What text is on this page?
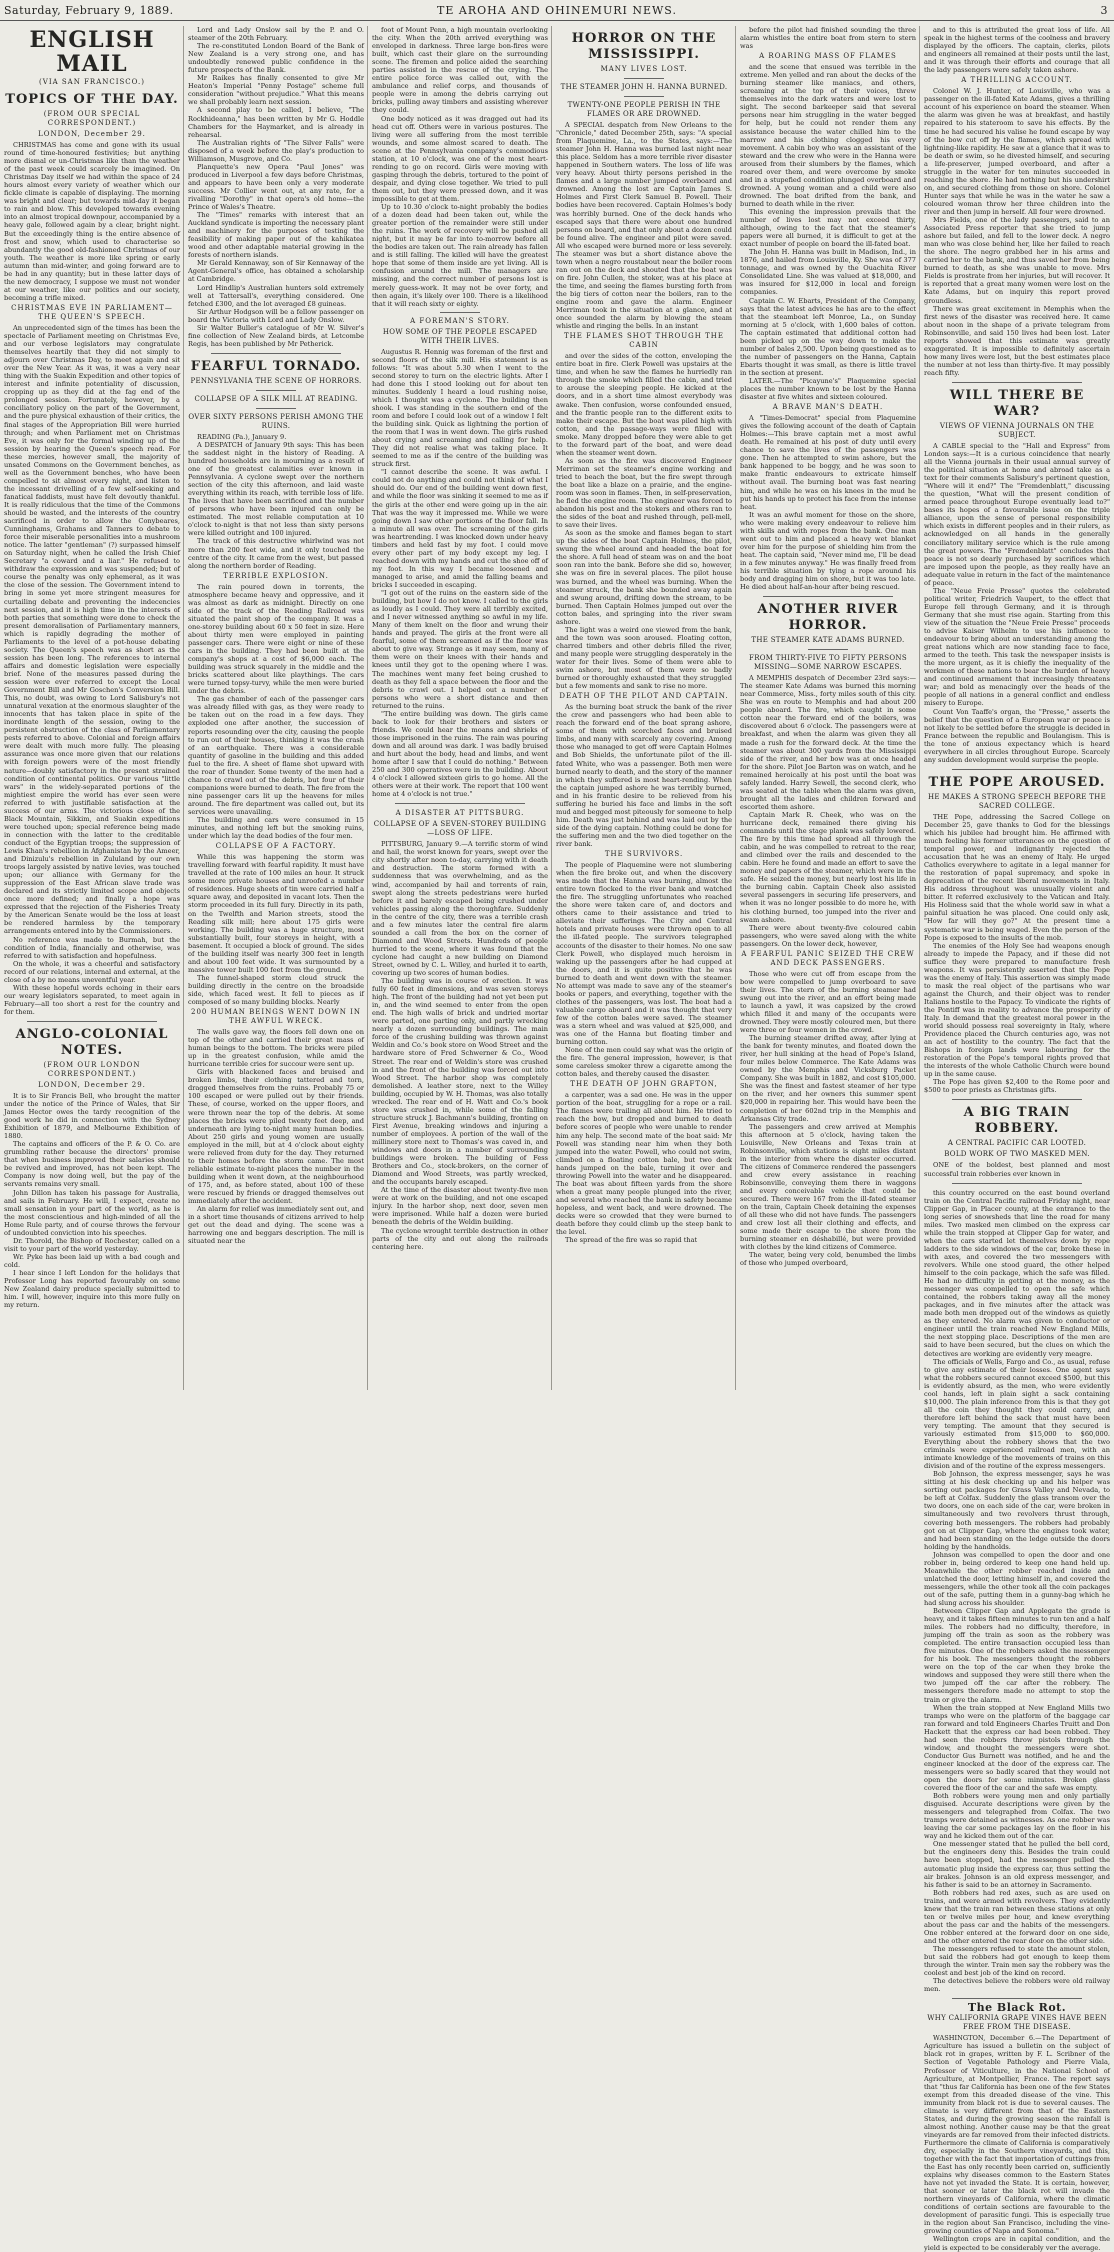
Saturday, February 9, 1889.	TE AROHA AND OHINEMURI NEWS.	3
ENGLISH MAIL
(VIA SAN FRANCISCO.)
TOPICS OF THE DAY.
(FROM OUR SPECIAL CORRESPONDENT.)
LONDON, December 29.

CHRISTMAS has come and gone with its usual round of time-honoured festivities; but anything more dismal or un-Christmas like than the weather of the past week could scarcely be imagined. On Christmas Day itself we had within the space of 24 hours almost every variety of weather which our fickle climate is capable of displaying. The morning was bright and clear; but towards mid-day it began to rain and blow. This developed towards evening into an almost tropical downpour, accompanied by a heavy gale, followed again by a clear, bright night. But the exceedingly thing is the entire absence of frost and snow, which used to characterise so abundantly the good old-fashioned Christmas of our youth. The weather is more like spring or early autumn than mid-winter, and going forward are to be had in any quantity; but in these latter days of the new democracy, I suppose we must not wonder at our weather, like our politics and our society, becoming a trifle mixed.

CHRISTMAS EVE IN PARLIAMENT— THE QUEEN'S SPEECH.

An unprecedented sign of the times has been the spectacle of Parliament meeting on Christmas Eve, and our verbose legislators may congratulate themselves heartily that they did not simply to adjourn over Christmas Day, to meet again and sit over the New Year. As it was, it was a very near thing with the Suakin Expedition and other topics of interest and infinite potentiality of discussion, cropping up as they did at the fag end of the prolonged session. Fortunately, however, by a conciliatory policy on the part of the Government, and the pure physical exhaustion of their critics, the final stages of the Appropriation Bill were hurried through; and when Parliament met on Christmas Eve, it was only for the formal winding up of the session by hearing the Queen's speech read. For these mercies, however small, the majority of unsated Commons on the Government benches, as well as the Government benches, who have been compelled to sit almost every night, and listen to the incessant drivelling of a few self-seeking and fanatical faddists, must have felt devoutly thankful. It is really ridiculous that the time of the Commons should be wasted, and the interests of the country sacrificed in order to allow the Conybeares, Cunninghams, Grahams and Tanners to debate to force their miserable personalities into a mushroom notice. The latter "gentleman" (?) surpassed himself on Saturday night, when he called the Irish Chief Secretary "a coward and a liar." He refused to withdraw the expression and was suspended; but of course the penalty was only ephemeral, as it was the close of the session. The Government intend to bring in some yet more stringent measures for curtailing debate and preventing the indecencies next session, and it is high time in the interests of both parties that something were done to check the present demoralisation of Parliamentary manners, which is rapidly degrading the mother of Parliaments to the level of a pot-house debating society. The Queen's speech was as short as the session has been long. The references to internal affairs and domestic legislation were especially brief. None of the measures passed during the session were ever referred to except the Local Government Bill and Mr Goschen's Conversion Bill. This, no doubt, was owing to Lord Salisbury's not unnatural vexation at the enormous slaughter of the innocents that has taken place in spite of the inordinate length of the session, owing to the persistent obstruction of the class of Parliamentary pests referred to above. Colonial and foreign affairs were dealt with much more fully. The pleasing assurance was once more given that our relations with foreign powers were of the most friendly nature—doubly satisfactory in the present strained condition of continental politics. Our various "little wars" in the widely-separated portions of the mightiest empire the world has ever seen were referred to with justifiable satisfaction at the success of our arms. The victorious close of the Black Mountain, Sikkim, and Suakin expeditions were touched upon; special reference being made in connection with the latter to the creditable conduct of the Egyptian troops; the suppression of Lewis Khan's rebellion in Afghanistan by the Ameer, and Dinizulu's rebellion in Zululand by our own troops largely assisted by native levies, was touched upon; our alliance with Germany for the suppression of the East African slave trade was declared and its strictly limited scope and objects once more defined; and finally a hope was expressed that the rejection of the Fisheries Treaty by the American Senate would be the loss at least be rendered harmless by the temporary arrangements entered into by the Commissioners.

No reference was made to Burmah, but the condition of India, financially and otherwise, was referred to with satisfaction and hopefulness.

On the whole, it was a cheerful and satisfactory record of our relations, internal and external, at the close of a by no means uneventful year.

With these hopeful words echoing in their ears our weary legislators separated, to meet again in February—all too short a rest for the country and for them.

ANGLO-COLONIAL NOTES.
(FROM OUR LONDON CORRESPONDENT.)
LONDON, December 29.

It is to Sir Francis Bell, who brought the matter under the notice of the Prince of Wales, that Sir James Hector owes the tardy recognition of the good work he did in connection with the Sydney Exhibition of 1879, and Melbourne Exhibition of 1880.

The captains and officers of the P. & O. Co. are grumbling rather because the directors' promise that when business improved their salaries should be revived and improved, has not been kept. The Company is now doing well, but the pay of the servants remains very small.

John Dillon has taken his passage for Australia, and sails in February. He will, I expect, create no small sensation in your part of the world, as he is the most conscientious and high-minded of all the Home Rule party, and of course throws the fervour of undoubted conviction into his speeches.

Dr. Thorold, the Bishop of Rochester, called on a visit to your part of the world yesterday.

Wr. Pyke has been laid up with a bad cough and cold.

I hear since I left London for the holidays that Professor Long has reported favourably on some New Zealand dairy produce specially submitted to him. I will, however, inquire into this more fully on my return.

Lord and Lady Onslow sail by the P. and O. steamer of the 20th February.

The re-constituted London Board of the Bank of New Zealand is a very strong one, and has undoubtedly renewed public confidence in the future prospects of the Bank.

Mr Raikes has finally consented to give Mr Heaton's Imperial "Penny Postage" scheme full consideration "without prejudice." What this means we shall probably learn next session.

A second play to be called, I believe, "The Rockhideanna," has been written by Mr G. Hoddle Chambers for the Haymarket, and is already in rehearsal.

The Australian rights of "The Silver Falls" were disposed of a week before the play's production to Williamson, Musgrove, and Co.

Planquette's new Opera "Paul Jones" was produced in Liverpool a few days before Christmas, and appears to have been only a very moderate success. Mr Collier went out, at any rate, for a rivalling "Dorothy" in that opera's old home—the Prince of Wales's Theatre.

The "Times" remarks with interest that an Auckland syndicate is importing the necessary plant and machinery for the purposes of testing the feasibility of making paper out of the kahikatea wood and other adaptable material growing in the forests of northern islands.

Mr Gerald Kennaway, son of Sir Kennaway of the Agent-General's office, has obtained a scholarship at Cambridge.

Lord Hindlip's Australian hunters sold extremely well at Tattersall's, everything considered. One fetched £300, and the lot averaged £8 guineas.

Sir Arthur Hodgson will be a fellow passenger on board the Victoria with Lord and Lady Onslow.

Sir Walter Buller's catalogue of Mr W. Silver's fine collection of New Zealand birds, at Letcombe Regis, has been published by Mr Petherick.

FEARFUL TORNADO.
PENNSYLVANIA THE SCENE OF HORRORS.
COLLAPSE OF A SILK MILL AT READING.
OVER SIXTY PERSONS PERISH AMONG THE RUINS.

READING (Pa.), January 9.

A DESPATCH of January 9th says: This has been the saddest night in the history of Reading. A hundred households are in mourning as a result of one of the greatest calamities ever known in Pennsylvania. A cyclone swept over the northern section of the city this afternoon, and laid waste everything within its reach, with terrible loss of life. The lives that have been sacrificed and the number of persons who have been injured can only be estimated. The most reliable computation at 10 o'clock to-night is that not less than sixty persons were killed outright and 100 injured.

The track of this destructive whirlwind was not more than 200 feet wide, and it only touched the centre of the city. It came from the west, but passed along the northern border of Reading.

TERRIBLE EXPLOSION.

The rain poured down in torrents, the atmosphere became heavy and oppressive, and it was almost as dark as midnight. Directly on one side of the track of the Reading Railroad was situated the paint shop of the company. It was a one-storey building about 60 x 50 feet in size. Here about thirty men were employed in painting passenger cars. There were eight or nine of these cars in the building. They had been built at the company's shops at a cost of $6,000 each. The building was struck squarely in the middle and the bricks scattered about like playthings. The cars were turned topsy-turvy, while the men were buried under the debris.

The gas chamber of each of the passenger cars was already filled with gas, as they were ready to be taken out on the road in a few days. They exploded one after another, the succession of reports resounding over the city, causing the people to run out of their houses, thinking it was the crash of an earthquake. There was a considerable quantity of gasoline in the building and this added fuel to the fire. A sheet of flame shot upward with the roar of thunder. Some twenty of the men had a chance to crawl out of the debris, but four of their companions were burned to death. The fire from the nine passenger cars lit up the heavens for miles around. The fire department was called out, but its services were unavailing.

The building and cars were consumed in 15 minutes, and nothing left but the smoking ruins, under which lay the dead bodies of the four men.

COLLAPSE OF A FACTORY.

While this was happening the storm was travelling forward with fearful rapidity. It must have travelled at the rate of 100 miles an hour. It struck some more private houses and unroofed a number of residences. Huge sheets of tin were carried half a square away, and deposited in vacant lots. Then the storm proceeded in its full fury. Directly in its path, on the Twelfth and Marion streets, stood the Reading silk mill; here about 175 girls were working. The building was a huge structure, most substantially built, four storeys in height, with a basement. It occupied a block of ground. The sides of the building itself was nearly 300 feet in length and about 100 feet wide. It was surmounted by a massive tower built 100 feet from the ground.

The funnel-shaped storm cloud struck the building directly in the centre on the broadside side, which faced west. It fell to pieces as if composed of so many building blocks. Nearly

200 HUMAN BEINGS WENT DOWN IN THE AWFUL WRECK.

The walls gave way, the floors fell down one on top of the other and carried their great mass of human beings to the bottom. The bricks were piled up in the greatest confusion, while amid the hurricane terrible cries for succour were sent up.

Girls with blackened faces and bruised and broken limbs, their clothing tattered and torn, dragged themselves from the ruins. Probably 75 or 100 escaped or were pulled out by their friends. These, of course, worked on the upper floors, and were thrown near the top of the debris. At some places the bricks were piled twenty feet deep, and underneath are lying to-night many human bodies. About 250 girls and young women are usually employed in the mill, but at 4 o'clock about eighty were relieved from duty for the day. They returned to their homes before the storm came. The most reliable estimate to-night places the number in the building when it went down, at the neighbourhood of 175, and, as before stated, about 100 of these were rescued by friends or dragged themselves out immediately after the accident.

An alarm for relief was immediately sent out, and in a short time thousands of citizens arrived to help get out the dead and dying. The scene was a harrowing one and beggars description. The mill is situated near the

foot of Mount Penn, a high mountain overlooking the city. When the 20th arrived everything was enveloped in darkness. Three large bon-fires were built, which cast their glare on the surrounding scene. The firemen and police aided the searching parties assisted in the rescue of the crying. The entire police force was called out, with the ambulance and relief corps, and thousands of people were in among the debris carrying out bricks, pulling away timbers and assisting wherever they could.

One body noticed as it was dragged out had its head cut off. Others were in various postures. The living were all suffering from the most terrible wounds, and some almost scared to death. The scene at the Pennsylvania company's commodious station, at 10 o'clock, was one of the most heart-rending to go on record. Girls were moving with gasping through the debris, tortured to the point of despair, and dying close together. We tried to pull them out, but they were pressed down, and it was impossible to get at them.

Up to 10.30 o'clock to-night probably the bodies of a dozen dead had been taken out, while the greater portion of the remainder were still under the ruins. The work of recovery will be pushed all night, but it may be far into to-morrow before all the bodies are taken out. The rain already has fallen and is still falling. The killed will have the greatest hope that some of them inside are yet living. All is confusion around the mill. The managers are missing, and the correct number of persons lost is merely guess-work. It may not be over forty, and then again, it's likely over 100. There is a likelihood that it will reach sixty or eighty.

A FOREMAN'S STORY.
HOW SOME OF THE PEOPLE ESCAPED WITH THEIR LIVES.

Augustus R. Hennig was foreman of the first and second floors of the silk mill. His statement is as follows: "It was about 5.30 when I went to the second storey to turn on the electric lights. After I had done this I stood looking out for about ten minutes. Suddenly I heard a loud rushing noise, which I thought was a cyclone. The building then shook. I was standing in the southern end of the room and before I could look out of a window I felt the building sink. Quick as lightning the portion of the room that I was in went down. The girls rushed about crying and screaming and calling for help. They did not realise what was taking place. It seemed to me as if the centre of the building was struck first.

"I cannot describe the scene. It was awful. I could not do anything and could not think of what I should do. Our end of the building went down first, and while the floor was sinking it seemed to me as if the girls at the other end were going up in the air. That was the way it impressed me. While we were going down I saw other portions of the floor fall. In a minute all was over. The screaming of the girls was heartrending. I was knocked down under heavy timbers and held fast by my foot. I could move every other part of my body except my leg. I reached down with my hands and cut the shoe off of my foot. In this way I became loosened and managed to arise, and amid the falling beams and bricks I succeeded in escaping.

"I got out of the ruins on the eastern side of the building, but how I do not know. I called to the girls as loudly as I could. They were all terribly excited, and I never witnessed anything so awful in my life. Many of them knelt on the floor and wrung their hands and prayed. The girls at the front were all fearful, some of them screamed as if the floor was about to give way. Strange as it may seem, many of them were on their knees with their hands and knees until they got to the opening where I was. The machines went many feet being crushed to death as they fell a space between the floor and the debris to crawl out. I helped out a number of persons who were a short distance and then returned to the ruins.

"The entire building was down. The girls came back to look for their brothers and sisters or friends. We could hear the moans and shrieks of those imprisoned in the ruins. The rain was pouring down and all around was dark. I was badly bruised and hurt about the body, head and limbs, and went home after I saw that I could do nothing." Between 250 and 300 operatives were in the building. About 4 o'clock I allowed sixteen girls to go home. All the others were at their work. The report that 100 went home at 4 o'clock is not true."

A DISASTER AT PITTSBURG.
COLLAPSE OF A SEVEN-STOREY BUILDING—LOSS OF LIFE.

PITTSBURG, January 9.—A terrific storm of wind and hail, the worst known for years, swept over the city shortly after noon to-day, carrying with it death and destruction. The storm formed with a suddenness that was overwhelming, and as the wind, accompanied by hail and torrents of rain, swept along the streets pedestrians were hurled before it and barely escaped being crushed under vehicles passing along the thoroughfare. Suddenly in the centre of the city, there was a terrible crash and a few minutes later the central fire alarm sounded a call from the box on the corner of Diamond and Wood Streets. Hundreds of people hurried to the scene, where it was found that the cyclone had caught a new building on Diamond Street, owned by C. L. Willey, and hurled it to earth, covering up two scores of human bodies.

The building was in course of erection. It was fully 60 feet in dimensions, and was seven storeys high. The front of the building had not yet been put in, and the wind seemed to enter from the open end. The high walls of brick and undried mortar were parted, one parting only, and partly wrecking nearly a dozen surrounding buildings. The main force of the crushing building was thrown against Weldin and Co.'s book store on Wood Street and the hardware store of Fred Schwerner & Co., Wood Street. The rear end of Weldin's store was crushed in and the front of the building was forced out into Wood Street. The harbor shop was completely demolished. A leather store, next to the Willey building, occupied by W. H. Thomas, was also totally wrecked. The rear end of H. Watt and Co.'s book store was crushed in, while some of the falling structure struck J. Bachmann's building, fronting on First Avenue, breaking windows and injuring a number of employees. A portion of the wall of the millinery store next to Thomas's was caved in, and windows and doors in a number of surrounding buildings were broken. The building of Fess Brothers and Co., stock-brokers, on the corner of Diamond and Wood Streets, was partly wrecked, and the occupants barely escaped.

At the time of the disaster about twenty-five men were at work on the building, and not one escaped injury. In the harbor shop, next door, seven men were imprisoned. While half a dozen were buried beneath the debris of the Weldin building.

The cyclone wrought terrible destruction in other parts of the city and out along the railroads centering here.

HORROR ON THE MISSISSIPPI.
MANY LIVES LOST.
THE STEAMER JOHN H. HANNA BURNED.
TWENTY-ONE PEOPLE PERISH IN THE FLAMES OR ARE DROWNED.

A SPECIAL despatch from New Orleans to the "Chronicle," dated December 25th, says: "A special from Plaquemine, La., to the States, says:—The steamer John H. Hanna was burned last night near this place. Seldom has a more terrible river disaster happened in Southern waters. The loss of life was very heavy. About thirty persons perished in the flames and a large number jumped overboard and drowned. Among the lost are Captain James S. Holmes and First Clerk Samuel B. Powell. Their bodies have been recovered. Captain Holmes's body was horribly burned. One of the deck hands who escaped says that there were about one hundred persons on board, and that only about a dozen could be found alive. The engineer and pilot were saved. All who escaped were burned more or less severely. The steamer was but a short distance above the town when a negro roustabout near the boiler room ran out on the deck and shouted that the boat was on fire. John Cullen, the stoker, was at his place at the time, and seeing the flames bursting forth from the big tiers of cotton near the boilers, ran to the engine room and gave the alarm. Engineer Merriman took in the situation at a glance, and at once sounded the alarm by blowing the steam whistle and ringing the bells. In an instant

THE FLAMES SHOT THROUGH THE CABIN

and over the sides of the cotton, enveloping the entire boat in fire. Clerk Powell was upstairs at the time, and when he saw the flames he hurriedly ran through the smoke which filled the cabin, and tried to arouse the sleeping people. He kicked at the doors, and in a short time almost everybody was awake. Then confusion, worse confounded ensued, and the frantic people ran to the different exits to make their escape. But the boat was piled high with cotton, and the passage-ways were filled with smoke. Many dropped before they were able to get to the forward part of the boat, and were dead when the steamer went down.

As soon as the fire was discovered Engineer Merriman set the steamer's engine working and tried to beach the boat, but the fire swept through the boat like a blaze on a prairie, and the engine-room was soon in flames. Then, in self-preservation, he fled the engine room. The engineer was forced to abandon his post and the stokers and others ran to the sides of the boat and rushed through, pell-mell, to save their lives.

As soon as the smoke and flames began to start up the sides of the boat Captain Holmes, the pilot, swung the wheel around and headed the boat for the shore. A full head of steam was on and the boat soon ran into the bank. Before she did so, however, she was on fire in several places. The pilot house was burned, and the wheel was burning. When the steamer struck, the bank she bounded away again and swung around, drifting down the stream, to be burned. Then Captain Holmes jumped out over the cotton bales, and springing into the river swam ashore.

The light was a weird one viewed from the bank, and the town was soon aroused. Floating cotton, charred timbers and other debris filled the river, and many people were struggling desperately in the water for their lives. Some of them were able to swim ashore, but most of them were so badly burned or thoroughly exhausted that they struggled but a few moments and sank to rise no more.

DEATH OF THE PILOT AND CAPTAIN.

As the burning boat struck the bank of the river the crew and passengers who had been able to reach the forward end of the boat sprang ashore, some of them with scorched faces and bruised limbs, and many with scarcely any covering. Among those who managed to get off were Captain Holmes and Bob Shields, the unfortunate pilot of the ill-fated White, who was a passenger. Both men were burned nearly to death, and the story of the manner in which they suffered is most heart-rending. When the captain jumped ashore he was terribly burned, and in his frantic desire to be relieved from his suffering he buried his face and limbs in the soft mud and begged most piteously for someone to help him. Death was just behind and was laid out by the side of the dying captain. Nothing could be done for the suffering men and the two died together on the river bank.

THE SURVIVORS.

The people of Plaquemine were not slumbering when the fire broke out, and when the discovery was made that the Hanna was burning, almost the entire town flocked to the river bank and watched the fire. The struggling unfortunates who reached the shore were taken care of, and doctors and others came to their assistance and tried to alleviate their sufferings. The City and Central hotels and private houses were thrown open to all the ill-fated people. The survivors telegraphed accounts of the disaster to their homes. No one saw Clerk Powell, who displayed much heroism in waking up the passengers after he had cupped at the doors, and it is quite positive that he was burned to death and went down with the steamer. No attempt was made to save any of the steamer's books or papers, and everything, together with the clothes of the passengers, was lost. The boat had a valuable cargo aboard and it was thought that very few of the cotton bales were saved. The steamer was a stern wheel and was valued at $25,000, and was one of the Hanna but floating timber and burning cotton.

None of the men could say what was the origin of the fire. The general impression, however, is that some careless smoker threw a cigarette among the cotton bales, and thereby caused the disaster.

THE DEATH OF JOHN GRAFTON,

a carpenter, was a sad one. He was in the upper portion of the boat, struggling for a rope or a rail. The flames were trailing all about him. He tried to reach the bow, but dropped and burned to death before scores of people who were unable to render him any help. The second mate of the boat said: Mr Powell was standing near him when they both jumped into the water. Powell, who could not swim, climbed on a floating cotton bale, but two deck hands jumped on the bale, turning it over and throwing Powell into the water and he disappeared. The boat was about fifteen yards from the shore when a great many people plunged into the river, and several who reached the bank in safety became hopeless, and went back, and were drowned. The decks were so crowded that they were burned to death before they could climb up the steep bank to the level.

The spread of the fire was so rapid that

before the pilot had finished sounding the three alarm whistles the entire boat from stern to stern was

A ROARING MASS OF FLAMES

and the scene that ensued was terrible in the extreme. Men yelled and ran about the decks of the burning steamer like maniacs, and others, screaming at the top of their voices, threw themselves into the dark waters and were lost to sight. The second barkeeper said that several persons near him struggling in the water begged for help, but he could not render them any assistance because the water chilled him to the marrow and his clothing clogged his every movement. A cabin boy who was an assistant of the steward and the crew who were in the Hanna were aroused from their slumbers by the flames, which roared over them, and were overcome by smoke and in a stupefied condition plunged overboard and drowned. A young woman and a child were also drowned. The boat drifted from the bank, and burned to death while in the river.

This evening the impression prevails that the number of lives lost may not exceed thirty, although, owing to the fact that the steamer's papers were all burned, it is difficult to get at the exact number of people on board the ill-fated boat.

The John H. Hanna was built in Madison, Ind., in 1876, and hailed from Louisville, Ky. She was of 377 tonnage, and was owned by the Ouachita River Consolidated Line. She was valued at $18,000, and was insured for $12,000 in local and foreign companies.

Captain C. W. Ebarts, President of the Company, says that the latest advices he has are to the effect that the steamboat left Monroe, La., on Sunday morning at 5 o'clock, with 1,600 bales of cotton. The captain estimated that additional cotton had been picked up on the way down to make the number of bales 2,500. Upon being questioned as to the number of passengers on the Hanna, Captain Ebarts thought it was small, as there is little travel in the section at present.

LATER.—The "Picayune's" Plaquemine special places the number known to be lost by the Hanna disaster at five whites and sixteen coloured.

A BRAVE MAN'S DEATH.

A "Times-Democrat" special from Plaquemine gives the following account of the death of Captain Holmes:—This brave captain met a most awful death. He remained at his post of duty until every chance to save the lives of the passengers was gone. Then he attempted to swim ashore, but the bank happened to be boggy, and he was soon to make frantic endeavours to extricate himself without avail. The burning boat was fast nearing him, and while he was on his knees in the mud he put his hands up to protect his face from the intense heat.

It was an awful moment for those on the shore, who were making every endeavour to relieve him with skills and with ropes from the bank. One man went out to him and placed a heavy wet blanket over him for the purpose of shielding him from the heat. The captain said, "Never mind me, I'll be dead in a few minutes anyway." He was finally freed from his terrible situation by tying a rope around his body and dragging him on shore, but it was too late. He died about half-an-hour after being rescued.

ANOTHER RIVER HORROR.
THE STEAMER KATE ADAMS BURNED.
FROM THIRTY-FIVE TO FIFTY PERSONS MISSING—SOME NARROW ESCAPES.

A MEMPHIS despatch of December 23rd says:—The steamer Kate Adams was burned this morning near Commerce, Miss., forty miles south of this city. She was en route to Memphis and had about 200 people aboard. The fire, which caught in some cotton near the forward end of the boilers, was discovered about 6 o'clock. The passengers were at breakfast, and when the alarm was given they all made a rush for the forward deck. At the time the steamer was about 300 yards from the Mississippi side of the river, and her bow was at once headed for the shore. Pilot Joe Barton was on watch, and he remained heroically at his post until the boat was safely landed. Harry Sewell, the second clerk, who was seated at the table when the alarm was given, brought all the ladies and children forward and escorted them ashore.

Captain Mark R. Cheek, who was on the hurricane deck, remained there giving his commands until the stage plank was safely lowered. The fire by this time had spread all through the cabin, and he was compelled to retreat to the rear, and climbed over the rails and descended to the cabin. Here he found and made an effort to save the money and papers of the steamer, which were in the safe. He seized the money, but nearly lost his life in the burning cabin. Captain Cheek also assisted several passengers in securing life preservers, and when it was no longer possible to do more he, with his clothing burned, too jumped into the river and swam ashore.

There were about twenty-five coloured cabin passengers, who were saved along with the white passengers. On the lower deck, however,

A FEARFUL PANIC SEIZED THE CREW AND DECK PASSENGERS.

Those who were cut off from escape from the bow were compelled to jump overboard to save their lives. The stern of the burning steamer had swung out into the river, and an effort being made to launch a yawl, it was capsized by the crowd which filled it and many of the occupants were drowned. They were mostly coloured men, but there were three or four women in the crowd.

The burning steamer drifted away, after lying at the bank for twenty minutes, and floated down the river, her hull sinking at the head of Pope's Island, four miles below Commerce. The Kate Adams was owned by the Memphis and Vicksburg Packet Company. She was built in 1882, and cost $105,000. She was the finest and fastest steamer of her type on the river, and her owners this summer spent $20,000 in repairing her. This would have been the completion of her 602nd trip in the Memphis and Arkansas City trade.

The passengers and crew arrived at Memphis this afternoon at 5 o'clock, having taken the Louisville, New Orleans and Texas train at Robinsonville, which stations is eight miles distant in the interior from where the disaster occurred. The citizens of Commerce rendered the passengers and crew every assistance in reaching Robinsonville, conveying them there in waggons and every conceivable vehicle that could be secured. There were 167 from the ill-fated steamer on the train, Captain Cheek detaining the expenses of all these who did not have funds. The passengers and crew lost all their clothing and effects, and some made their escape to the shore from the burning steamer en déshabillé, but were provided with clothes by the kind citizens of Commerce.

The water, being very cold, benumbed the limbs of those who jumped overboard,

and to this is attributed the great loss of life. All speak in the highest terms of the coolness and bravery displayed by the officers. The captain, clerks, pilots and engineers all remained at their posts until the last, and it was through their efforts and courage that all the lady passengers were safely taken ashore.

A THRILLING ACCOUNT.

Colonel W. J. Hunter, of Louisville, who was a passenger on the ill-fated Kate Adams, gives a thrilling account of his experience on board the steamer. When the alarm was given he was at breakfast, and hastily repaired to his stateroom to save his effects. By the time he had secured his valise he found escape by way of the bow cut off by the flames, which spread with lightning-like rapidity. He saw at a glance that it was to be death or swim, so he divested himself, and securing a life-preserver, jumped overboard, and after a struggle in the water for ten minutes succeeded in reaching the shore. He had nothing but his undershirt on, and secured clothing from those on shore. Colonel Hunter says that while he was in the water he saw a coloured woman throw her three children into the river and then jump in herself. All four were drowned.

Mrs Fields, one of the lady passengers, said to an Associated Press reporter that she tried to jump ashore but failed, and fell to the lower deck. A negro man who was close behind her, like her failed to reach the shore. The negro grabbed her in his arms and carried her to the bank, and thus saved her from being burned to death, as she was unable to move. Mrs Fields is prostrate from her injuries, but will recover. It is reported that a great many women were lost on the Kate Adams, but on inquiry this report proved groundless.

There was great excitement in Memphis when the first news of the disaster was received here. It came about noon in the shape of a private telegram from Robinsonville, and said 150 lives had been lost. Later reports showed that this estimate was greatly exaggerated. It is impossible to definitely ascertain how many lives were lost, but the best estimates place the number at not less than thirty-five. It may possibly reach fifty.

WILL THERE BE WAR?
VIEWS OF VIENNA JOURNALS ON THE SUBJECT.

A CABLE special to the "Hall and Express" from London says:—It is a curious coincidence that nearly all the Vienna journals in their usual annual survey of the political situation at home and abroad take as a text for their comments Salisbury's pertinent question, "Where will it end?" The "Fremdenblatt," discussing the question, "What will the present condition of armed peace throughout Europe eventually lead to?" bases its hopes of a favourable issue on the triple alliance, upon the sense of personal responsibility which exists in different peoples and in their rulers, as acknowledged on all hands in the generally conciliatory military service which is the rule among the great powers. The "Fremdenblatt" concludes that peace is not so dearly purchased by sacrifices which are imposed upon the people, as they really have an adequate value in return in the fact of the maintenance of peace.

The "Neue Freie Presse" quotes the celebrated political writer, Friedrich Vaupert, to the effect that Europe fell through Germany, and it is through Germany that she must rise again. Starting from this view of the situation the "Neue Freie Presse" proceeds to advise Kaiser Wilhelm to use his influence to endeavour to bring about an understanding among the great nations which are now standing face to face, armed to the teeth. This task the newspaper insists is the more urgent, as it is chiefly the inequality of the workmen of these nations to bear the burden of heavy and continued armament that increasingly threatens war; and bold as menacingly over the heads of the people of all nations in a general conflict and endless misery to Europe.

Count Von Taaffe's organ, the "Presse," asserts the belief that the question of a European war or peace is not likely to be settled before the struggle is decided in France between the republic and Boulangism. This is the tone of anxious expectancy which is heard everywhere in all circles throughout Europe. Scarcely any sudden development would surprise the people.

THE POPE AROUSED.
HE MAKES A STRONG SPEECH BEFORE THE SACRED COLLEGE.

THE Pope, addressing the Sacred College on December 25, gave thanks to God for the blessings which his jubilee had brought him. He affirmed with much feeling his former utterances on the question of temporal power, and indignantly rejected the accusation that he was an enemy of Italy. He urged Catholics everywhere to agitate in a legal manner for the restoration of papal supremacy, and spoke in deprecation of the recent liberal movements in Italy. His address throughout was unusually violent and bitter. It referred exclusively to the Vatican and Italy. His Holiness said that the whole world saw in what a painful situation he was placed. One could only ask, "How far will they go?" At the present time a systematic war is being waged. Even the person of the Pope is exposed to the insults of the mob.

The enemies of the Holy See had weapons enough already to impede the Papacy, and if these did not suffice they were prepared to manufacture fresh weapons. It was persistently asserted that the Pope was the enemy of Italy. This assertion was simply made to mask the real object of the partisans who war against the Church, and their object was to render Italians hostile to the Papacy. To vindicate the rights of the Pontiff was in reality to advance the prosperity of Italy. In demand that the greatest moral power in the world should possess real sovereignty in Italy, where Providence placed the Church centuries ago, was not an act of hostility to the country. The fact that the Bishops in foreign lands were labouring for the restoration of the Pope's temporal rights proved that the interests of the whole Catholic Church were bound up in the same cause.

The Pope has given $2,400 to the Rome poor and $500 to poor priests as Christmas gifts.

A BIG TRAIN ROBBERY.
A CENTRAL PACIFIC CAR LOOTED.
BOLD WORK OF TWO MASKED MEN.

ONE of the boldest, best planned and most successful train robberies ever known in

this country occurred on the east bound overland train on the Central Pacific railroad Friday night, near Clipper Gap, in Placer county, at the entrance to the long series of snowsheds that line the road for many miles. Two masked men climbed on the express car while the train stopped at Clipper Gap for water, and when the cars started let themselves down by rope ladders to the side windows of the car, broke these in with axes, and covered the two messengers with revolvers. While one stood guard, the other helped himself to the coin package, which the safe was filled. He had no difficulty in getting at the money, as the messenger was compelled to open the safe which contained, the robbers taking away all the money packages, and in five minutes after the attack was made both men dropped out of the windows as quietly as they entered. No alarm was given to conductor or engineer until the train reached New England Mills, the next stopping place. Descriptions of the men are said to have been secured, but the clues on which the detectives are working are evidently very meagre.

The officials of Wells, Fargo and Co., as usual, refuse to give any estimate of their losses. One agent says what the robbers secured cannot exceed $500, but this is evidently absurd, as the men, who were evidently cool hands, left in plain sight a sack containing $10,000. The plain inference from this is that they got all the coin they thought they could carry, and therefore left behind the sack that must have been very tempting. The amount that they secured is variously estimated from $15,000 to $60,000. Everything about the robbery shows that the two criminals were experienced railroad men, with an intimate knowledge of the movements of trains on this division and of the routine of the express messengers.

Bob Johnson, the express messenger, says he was sitting at his desk checking up and his helper was sorting out packages for Grass Valley and Nevada, to be left at Colfax. Suddenly the glass transom over the two doors, one on each side of the car, were broken in simultaneously and two revolvers thrust through, covering both messengers. The robbers had probably got on at Clipper Gap, where the engines took water, and had been standing on the ledge outside the doors holding by the handholds.

Johnson was compelled to open the door and one robber in, being ordered to keep one hand held up. Meanwhile the other robber reached inside and unlatched the door, letting himself in, and covered the messengers, while the other took all the coin packages out of the safe, putting them in a gunny-bag which he had slung across his shoulder.

Between Clipper Gap and Applegate the grade is heavy, and it takes fifteen minutes to run ten and a half miles. The robbers had no difficulty, therefore, in jumping off the train as soon as the robbery was completed. The entire transaction occupied less than five minutes. One of the robbers asked the messenger for his book. The messengers thought the robbers were on the top of the car when they broke the windows and supposed they were still there when the two jumped off the car after the robbery. The messengers therefore made no attempt to stop the train or give the alarm.

When the train stopped at New England Mills two tramps who were on the platform of the baggage car ran forward and told Engineers Charles Truitt and Don Hackett that the express car had been robbed. They had seen the robbers throw pistols through the window, and thought the messengers were shot. Conductor Gus Burnett was notified, and he and the engineer knocked at the door of the express car. The messengers were so badly scared that they would not open the doors for some minutes. Broken glass covered the floor of the car and the safe was empty.

Both robbers were young men and only partially disguised. Accurate descriptions were given by the messengers and telegraphed from Colfax. The two tramps were detained as witnesses. As one robber was leaving the car some packages lay on the floor in his way and he kicked them out of the car.

One messenger stated that he pulled the bell cord, but the engineers deny this. Besides the train could have been stopped, had the messenger pulled the automatic plug inside the express car, thus setting the air brakes. Johnson is an old express messenger, and his father is said to be an attorney in Sacramento.

Both robbers had red axes, such as are used on trains, and were armed with revolvers. They evidently knew that the train ran between these stations at only ten or twelve miles per hour, and knew everything about the pass car and the habits of the messengers. One robber entered at the forward door on one side, and the other entered the rear door on the other side.

The messengers refused to state the amount stolen, but said the robbers had got enough to keep them through the winter. Train men say the robbery was the coolest and best job of the kind on record.

The detectives believe the robbers were old railway men.

The Black Rot.
WHY CALIFORNIA GRAPE VINES HAVE BEEN FREE FROM THE DISEASE.

WASHINGTON, December 6.—The Department of Agriculture has issued a bulletin on the subject of black rot in grapes, written by F. L. Scribner of the Section of Vegetable Pathology and Pierre Viala, Professor of Viticulture, in the National School of Agriculture, at Montpellier, France. The report says that "thus far California has been one of the few States exempt from this dreaded disease of the vine. This immunity from black rot is due to several causes. The climate is very different from that of the Eastern States, and during the growing season the rainfall is almost nothing. Another cause may be that the great vineyards are far removed from their infected districts. Furthermore the climate of California is comparatively dry, especially in the Southern vineyards, and this, together with the fact that importation of cuttings from the East has only recently been carried on, sufficiently explains why diseases common to the Eastern States have not yet invaded the State. It is certain, however, that sooner or later the black rot will invade the northern vineyards of California, where the climatic conditions of certain sections are favourable to the development of parasitic fungi. This is especially true in the region about San Francisco, including the vine-growing counties of Napa and Sonoma."

Wellington crops are in capital condition, and the yield is expected to be considerably ver the average.
